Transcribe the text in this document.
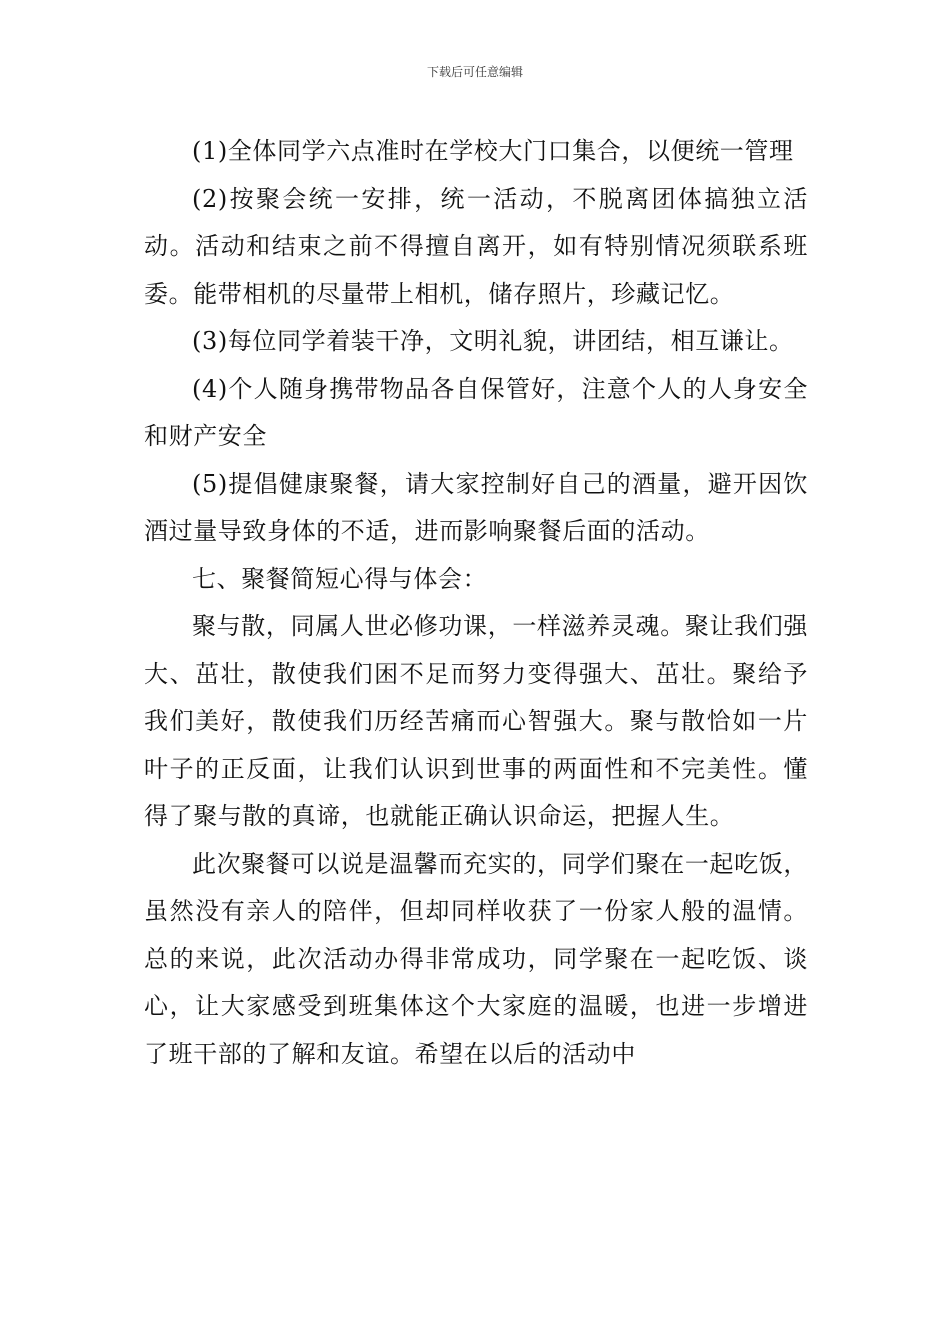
下载后可任意编辑

(1)全体同学六点准时在学校大门口集合，以便统一管理

(2)按聚会统一安排，统一活动，不脱离团体搞独立活动。活动和结束之前不得擅自离开，如有特别情况须联系班委。能带相机的尽量带上相机，储存照片，珍藏记忆。

(3)每位同学着装干净，文明礼貌，讲团结，相互谦让。

(4)个人随身携带物品各自保管好，注意个人的人身安全和财产安全

(5)提倡健康聚餐，请大家控制好自己的酒量，避开因饮酒过量导致身体的不适，进而影响聚餐后面的活动。

七、聚餐简短心得与体会：

聚与散，同属人世必修功课，一样滋养灵魂。聚让我们强大、茁壮，散使我们困不足而努力变得强大、茁壮。聚给予我们美好，散使我们历经苦痛而心智强大。聚与散恰如一片叶子的正反面，让我们认识到世事的两面性和不完美性。懂得了聚与散的真谛，也就能正确认识命运，把握人生。

此次聚餐可以说是温馨而充实的，同学们聚在一起吃饭，虽然没有亲人的陪伴，但却同样收获了一份家人般的温情。 总的来说，此次活动办得非常成功，同学聚在一起吃饭、谈心，让大家感受到班集体这个大家庭的温暖，也进一步增进了班干部的了解和友谊。希望在以后的活动中
